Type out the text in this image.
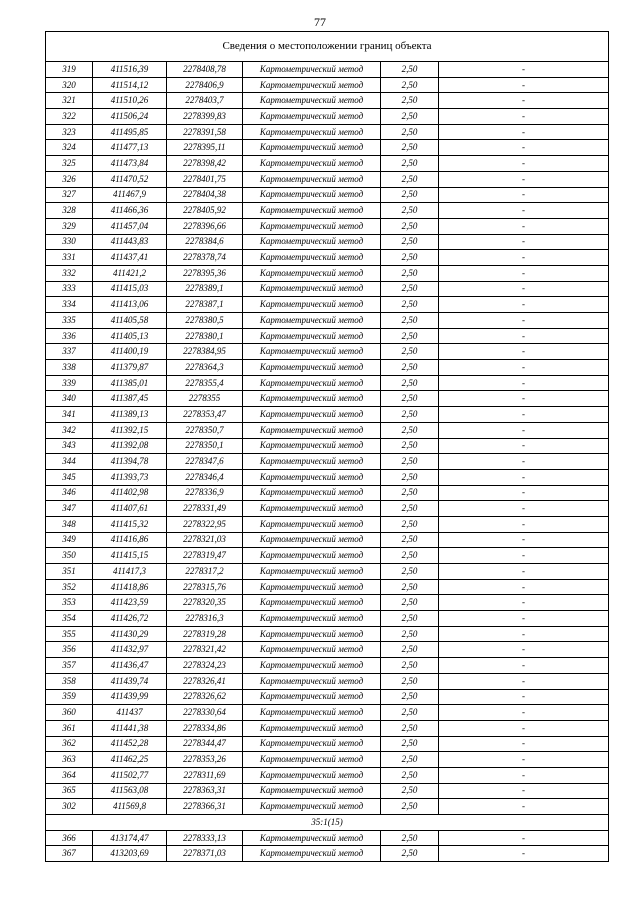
77
Сведения о местоположении границ объекта					
319	411516,39	2278408,78	Картометрический метод	2,50	-
320	411514,12	2278406,9	Картометрический метод	2,50	-
321	411510,26	2278403,7	Картометрический метод	2,50	-
322	411506,24	2278399,83	Картометрический метод	2,50	-
323	411495,85	2278391,58	Картометрический метод	2,50	-
324	411477,13	2278395,11	Картометрический метод	2,50	-
325	411473,84	2278398,42	Картометрический метод	2,50	-
326	411470,52	2278401,75	Картометрический метод	2,50	-
327	411467,9	2278404,38	Картометрический метод	2,50	-
328	411466,36	2278405,92	Картометрический метод	2,50	-
329	411457,04	2278396,66	Картометрический метод	2,50	-
330	411443,83	2278384,6	Картометрический метод	2,50	-
331	411437,41	2278378,74	Картометрический метод	2,50	-
332	411421,2	2278395,36	Картометрический метод	2,50	-
333	411415,03	2278389,1	Картометрический метод	2,50	-
334	411413,06	2278387,1	Картометрический метод	2,50	-
335	411405,58	2278380,5	Картометрический метод	2,50	-
336	411405,13	2278380,1	Картометрический метод	2,50	-
337	411400,19	2278384,95	Картометрический метод	2,50	-
338	411379,87	2278364,3	Картометрический метод	2,50	-
339	411385,01	2278355,4	Картометрический метод	2,50	-
340	411387,45	2278355	Картометрический метод	2,50	-
341	411389,13	2278353,47	Картометрический метод	2,50	-
342	411392,15	2278350,7	Картометрический метод	2,50	-
343	411392,08	2278350,1	Картометрический метод	2,50	-
344	411394,78	2278347,6	Картометрический метод	2,50	-
345	411393,73	2278346,4	Картометрический метод	2,50	-
346	411402,98	2278336,9	Картометрический метод	2,50	-
347	411407,61	2278331,49	Картометрический метод	2,50	-
348	411415,32	2278322,95	Картометрический метод	2,50	-
349	411416,86	2278321,03	Картометрический метод	2,50	-
350	411415,15	2278319,47	Картометрический метод	2,50	-
351	411417,3	2278317,2	Картометрический метод	2,50	-
352	411418,86	2278315,76	Картометрический метод	2,50	-
353	411423,59	2278320,35	Картометрический метод	2,50	-
354	411426,72	2278316,3	Картометрический метод	2,50	-
355	411430,29	2278319,28	Картометрический метод	2,50	-
356	411432,97	2278321,42	Картометрический метод	2,50	-
357	411436,47	2278324,23	Картометрический метод	2,50	-
358	411439,74	2278326,41	Картометрический метод	2,50	-
359	411439,99	2278326,62	Картометрический метод	2,50	-
360	411437	2278330,64	Картометрический метод	2,50	-
361	411441,38	2278334,86	Картометрический метод	2,50	-
362	411452,28	2278344,47	Картометрический метод	2,50	-
363	411462,25	2278353,26	Картометрический метод	2,50	-
364	411502,77	2278311,69	Картометрический метод	2,50	-
365	411563,08	2278363,31	Картометрический метод	2,50	-
302	411569,8	2278366,31	Картометрический метод	2,50	-
35:1(15)					
366	413174,47	2278333,13	Картометрический метод	2,50	-
367	413203,69	2278371,03	Картометрический метод	2,50	-
